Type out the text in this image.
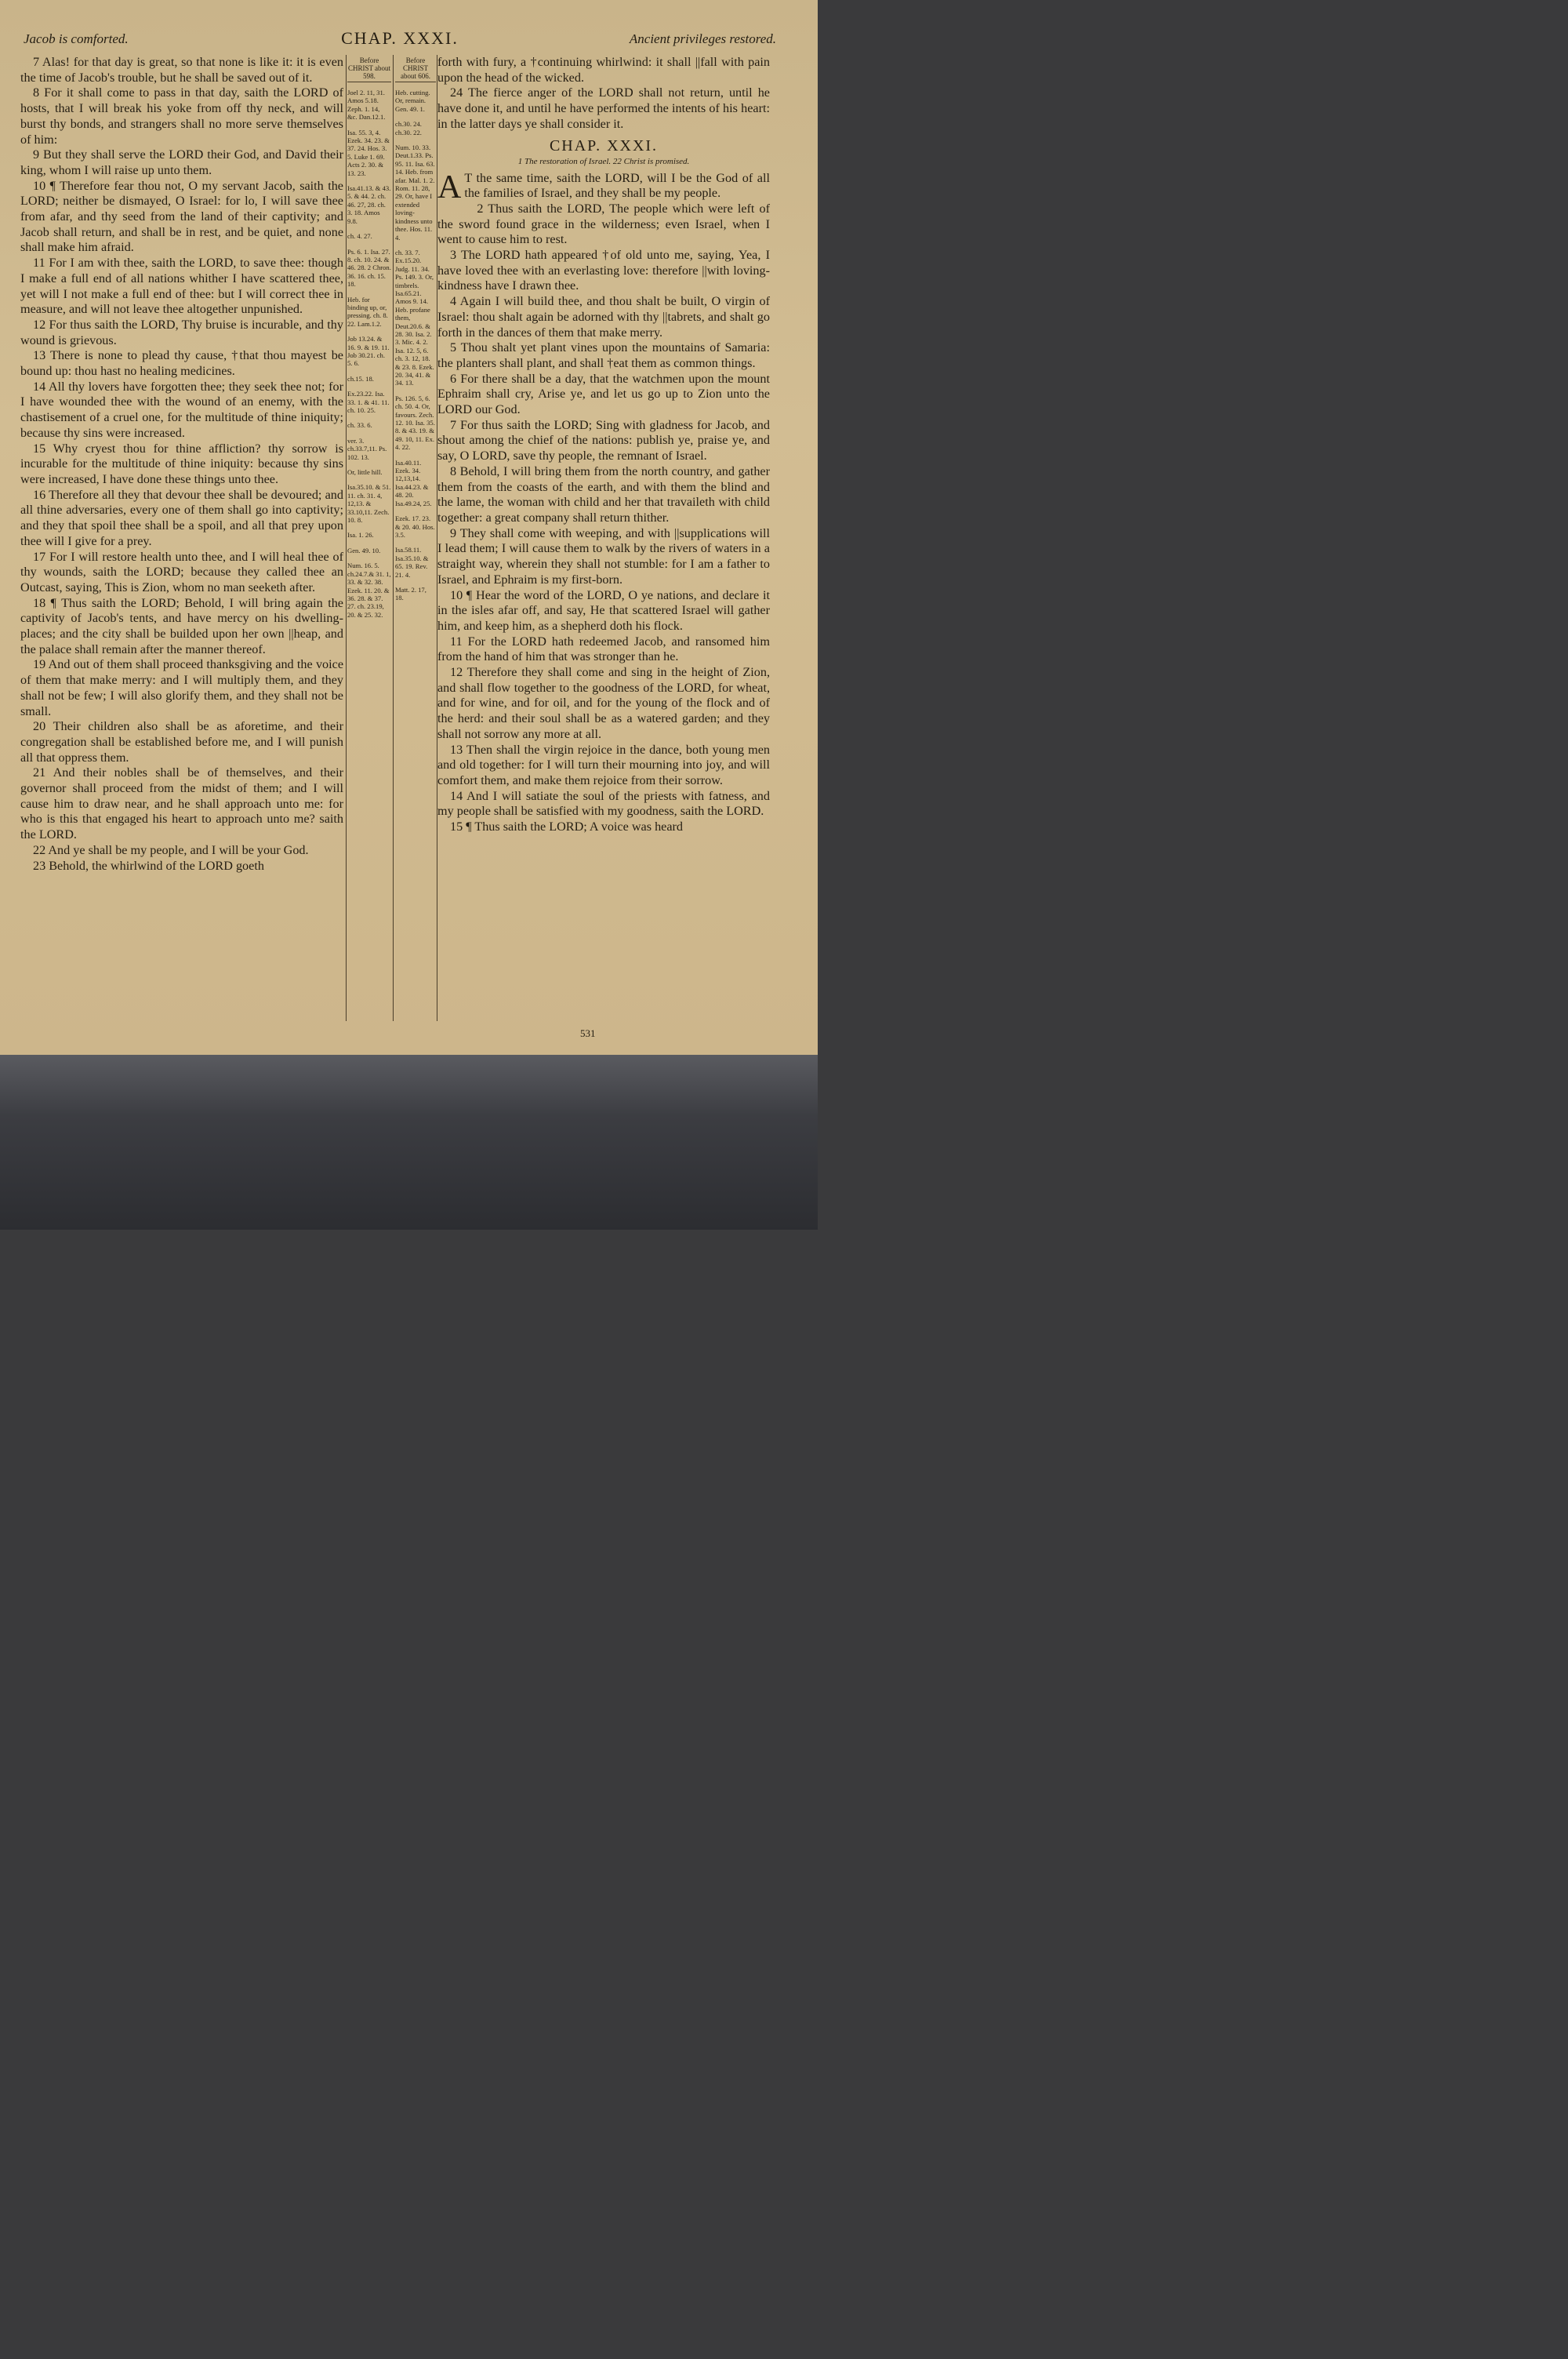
Jacob is comforted.	CHAP. XXXI.	Ancient privileges restored.

7 Alas! for that day is great, so that none is like it: it is even the time of Jacob's trouble, but he shall be saved out of it.

8 For it shall come to pass in that day, saith the LORD of hosts, that I will break his yoke from off thy neck, and will burst thy bonds, and strangers shall no more serve themselves of him:

9 But they shall serve the LORD their God, and David their king, whom I will raise up unto them.

10 ¶ Therefore fear thou not, O my servant Jacob, saith the LORD; neither be dismayed, O Israel: for lo, I will save thee from afar, and thy seed from the land of their captivity; and Jacob shall return, and shall be in rest, and be quiet, and none shall make him afraid.

11 For I am with thee, saith the LORD, to save thee: though I make a full end of all nations whither I have scattered thee, yet will I not make a full end of thee: but I will correct thee in measure, and will not leave thee altogether unpunished.

12 For thus saith the LORD, Thy bruise is incurable, and thy wound is grievous.

13 There is none to plead thy cause, †that thou mayest be bound up: thou hast no healing medicines.

14 All thy lovers have forgotten thee; they seek thee not; for I have wounded thee with the wound of an enemy, with the chastisement of a cruel one, for the multitude of thine iniquity; because thy sins were increased.

15 Why cryest thou for thine affliction? thy sorrow is incurable for the multitude of thine iniquity: because thy sins were increased, I have done these things unto thee.

16 Therefore all they that devour thee shall be devoured; and all thine adversaries, every one of them shall go into captivity; and they that spoil thee shall be a spoil, and all that prey upon thee will I give for a prey.

17 For I will restore health unto thee, and I will heal thee of thy wounds, saith the LORD; because they called thee an Outcast, saying, This is Zion, whom no man seeketh after.

18 ¶ Thus saith the LORD; Behold, I will bring again the captivity of Jacob's tents, and have mercy on his dwelling-places; and the city shall be builded upon her own ||heap, and the palace shall remain after the manner thereof.

19 And out of them shall proceed thanksgiving and the voice of them that make merry: and I will multiply them, and they shall not be few; I will also glorify them, and they shall not be small.

20 Their children also shall be as aforetime, and their congregation shall be established before me, and I will punish all that oppress them.

21 And their nobles shall be of themselves, and their governor shall proceed from the midst of them; and I will cause him to draw near, and he shall approach unto me: for who is this that engaged his heart to approach unto me? saith the LORD.

22 And ye shall be my people, and I will be your God.

23 Behold, the whirlwind of the LORD goeth

Before CHRIST about 598.

Joel 2. 11, 31. Amos 5.18. Zeph. 1. 14, &c. Dan.12.1.

Isa. 55. 3, 4. Ezek. 34. 23. & 37. 24. Hos. 3. 5. Luke 1. 69. Acts 2. 30. & 13. 23.

Isa.41.13. & 43. 5. & 44. 2. ch. 46. 27, 28. ch. 3. 18. Amos 9.8.

ch. 4. 27.

Ps. 6. 1. Isa. 27. 8. ch. 10. 24. & 46. 28. 2 Chron. 36. 16. ch. 15. 18.

Heb. for binding up, or, pressing. ch. 8. 22. Lam.1.2.

Job 13.24. & 16. 9. & 19. 11. Job 30.21. ch. 5. 6.

ch.15. 18.

Ex.23.22. Isa. 33. 1. & 41. 11. ch. 10. 25.

ch. 33. 6.

ver. 3. ch.33.7,11. Ps. 102. 13.

Or, little hill.

Isa.35.10. & 51. 11. ch. 31. 4, 12,13. & 33.10,11. Zech. 10. 8.

Isa. 1. 26.

Gen. 49. 10.

Num. 16. 5. ch.24.7.& 31. 1, 33. & 32. 38. Ezek. 11. 20. & 36. 28. & 37. 27. ch. 23.19, 20. & 25. 32.

Before CHRIST about 606.

Heb. cutting. Or, remain. Gen. 49. 1.

ch.30. 24. ch.30. 22.

Num. 10. 33. Deut.1.33. Ps. 95. 11. Isa. 63. 14. Heb. from afar. Mal. 1. 2. Rom. 11. 28, 29. Or, have I extended loving-kindness unto thee. Hos. 11. 4.

ch. 33. 7. Ex.15.20. Judg. 11. 34. Ps. 149. 3. Or, timbrels. Isa.65.21. Amos 9. 14. Heb. profane them, Deut.20.6. & 28. 30. Isa. 2. 3. Mic. 4. 2. Isa. 12. 5, 6. ch. 3. 12, 18. & 23. 8. Ezek. 20. 34, 41. & 34. 13.

Ps. 126. 5, 6. ch. 50. 4. Or, favours. Zech. 12. 10. Isa. 35. 8. & 43. 19. & 49. 10, 11. Ex. 4. 22.

Isa.40.11. Ezek. 34. 12,13,14. Isa.44.23. & 48. 20. Isa.49.24, 25.

Ezek. 17. 23. & 20. 40. Hos. 3.5.

Isa.58.11. Isa.35.10. & 65. 19. Rev. 21. 4.

Matt. 2. 17, 18.

forth with fury, a †continuing whirlwind: it shall ||fall with pain upon the head of the wicked.

24 The fierce anger of the LORD shall not return, until he have done it, and until he have performed the intents of his heart: in the latter days ye shall consider it.

CHAP. XXXI.
1 The restoration of Israel. 22 Christ is promised.

A T the same time, saith the LORD, will I be the God of all the families of Israel, and they shall be my people.

2 Thus saith the LORD, The people which were left of the sword found grace in the wilderness; even Israel, when I went to cause him to rest.

3 The LORD hath appeared †of old unto me, saying, Yea, I have loved thee with an everlasting love: therefore ||with loving-kindness have I drawn thee.

4 Again I will build thee, and thou shalt be built, O virgin of Israel: thou shalt again be adorned with thy ||tabrets, and shalt go forth in the dances of them that make merry.

5 Thou shalt yet plant vines upon the mountains of Samaria: the planters shall plant, and shall †eat them as common things.

6 For there shall be a day, that the watchmen upon the mount Ephraim shall cry, Arise ye, and let us go up to Zion unto the LORD our God.

7 For thus saith the LORD; Sing with gladness for Jacob, and shout among the chief of the nations: publish ye, praise ye, and say, O LORD, save thy people, the remnant of Israel.

8 Behold, I will bring them from the north country, and gather them from the coasts of the earth, and with them the blind and the lame, the woman with child and her that travaileth with child together: a great company shall return thither.

9 They shall come with weeping, and with ||supplications will I lead them; I will cause them to walk by the rivers of waters in a straight way, wherein they shall not stumble: for I am a father to Israel, and Ephraim is my first-born.

10 ¶ Hear the word of the LORD, O ye nations, and declare it in the isles afar off, and say, He that scattered Israel will gather him, and keep him, as a shepherd doth his flock.

11 For the LORD hath redeemed Jacob, and ransomed him from the hand of him that was stronger than he.

12 Therefore they shall come and sing in the height of Zion, and shall flow together to the goodness of the LORD, for wheat, and for wine, and for oil, and for the young of the flock and of the herd: and their soul shall be as a watered garden; and they shall not sorrow any more at all.

13 Then shall the virgin rejoice in the dance, both young men and old together: for I will turn their mourning into joy, and will comfort them, and make them rejoice from their sorrow.

14 And I will satiate the soul of the priests with fatness, and my people shall be satisfied with my goodness, saith the LORD.

15 ¶ Thus saith the LORD; A voice was heard

531
